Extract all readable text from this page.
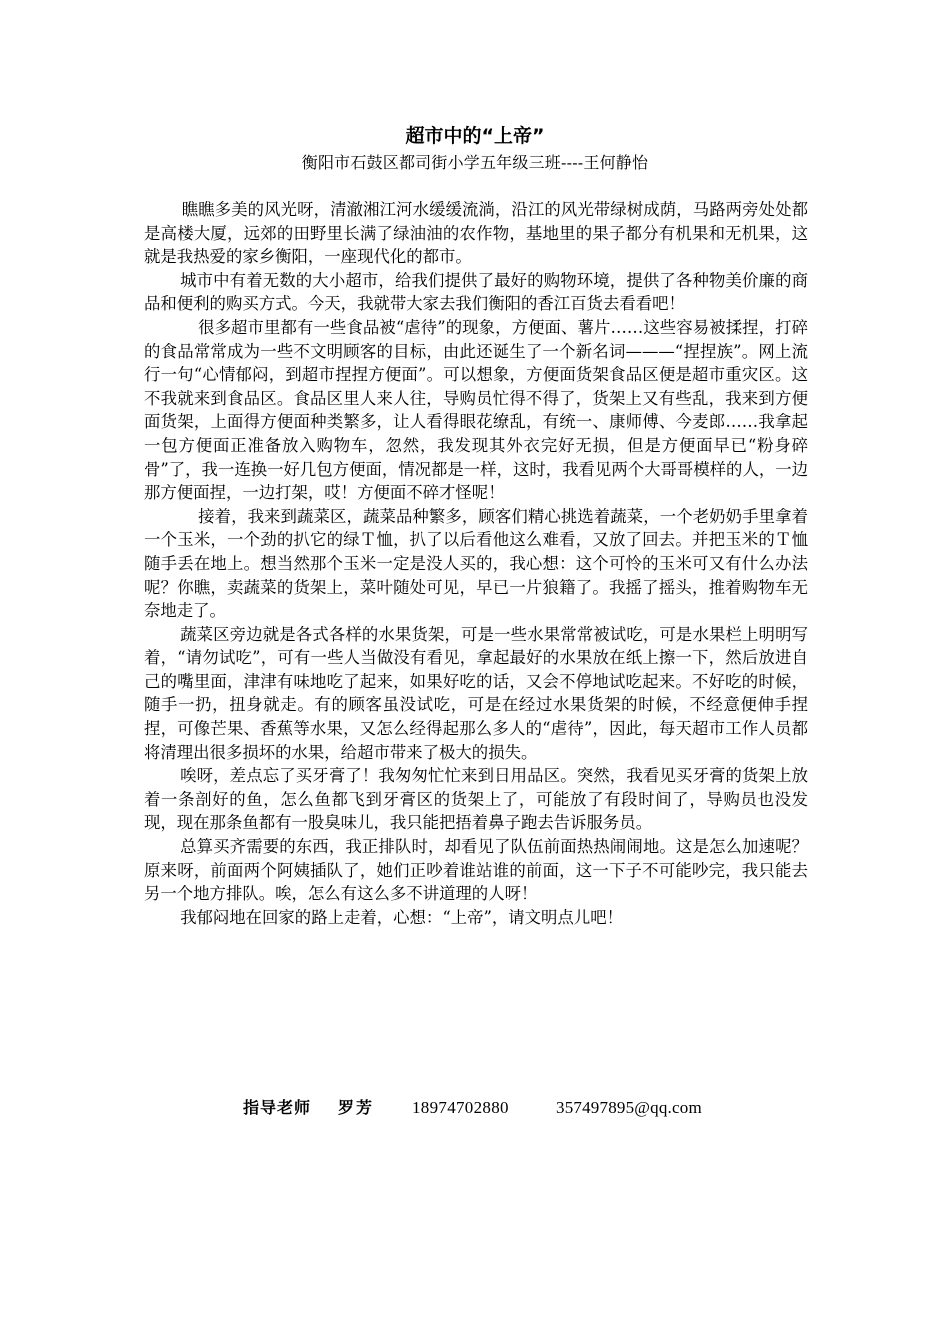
超市中的“上帝”
衡阳市石鼓区都司街小学五年级三班----王何静怡

瞧瞧多美的风光呀，清澈湘江河水缓缓流淌，沿江的风光带绿树成荫，马路两旁处处都是高楼大厦，远郊的田野里长满了绿油油的农作物，基地里的果子都分有机果和无机果，这就是我热爱的家乡衡阳，一座现代化的都市。

城市中有着无数的大小超市，给我们提供了最好的购物环境，提供了各种物美价廉的商品和便利的购买方式。今天，我就带大家去我们衡阳的香江百货去看看吧！

很多超市里都有一些食品被“虐待”的现象，方便面、薯片……这些容易被揉捏，打碎的食品常常成为一些不文明顾客的目标，由此还诞生了一个新名词———“捏捏族”。网上流行一句“心情郁闷，到超市捏捏方便面”。可以想象，方便面货架食品区便是超市重灾区。这不我就来到食品区。食品区里人来人往，导购员忙得不得了，货架上又有些乱，我来到方便面货架，上面得方便面种类繁多，让人看得眼花缭乱，有统一、康师傅、今麦郎……我拿起一包方便面正准备放入购物车，忽然，我发现其外衣完好无损，但是方便面早已“粉身碎骨”了，我一连换一好几包方便面，情况都是一样，这时，我看见两个大哥哥模样的人，一边那方便面捏，一边打架，哎！方便面不碎才怪呢！

接着，我来到蔬菜区，蔬菜品种繁多，顾客们精心挑选着蔬菜，一个老奶奶手里拿着一个玉米，一个劲的扒它的绿Ｔ恤，扒了以后看他这么难看，又放了回去。并把玉米的Ｔ恤随手丢在地上。想当然那个玉米一定是没人买的，我心想：这个可怜的玉米可又有什么办法呢？你瞧，卖蔬菜的货架上，菜叶随处可见，早已一片狼籍了。我摇了摇头，推着购物车无奈地走了。

蔬菜区旁边就是各式各样的水果货架，可是一些水果常常被试吃，可是水果栏上明明写着，“请勿试吃”，可有一些人当做没有看见，拿起最好的水果放在纸上擦一下，然后放进自己的嘴里面，津津有味地吃了起来，如果好吃的话，又会不停地试吃起来。不好吃的时候，随手一扔，扭身就走。有的顾客虽没试吃，可是在经过水果货架的时候，不经意便伸手捏捏，可像芒果、香蕉等水果，又怎么经得起那么多人的“虐待”，因此，每天超市工作人员都将清理出很多损坏的水果，给超市带来了极大的损失。

唉呀，差点忘了买牙膏了！我匆匆忙忙来到日用品区。突然，我看见买牙膏的货架上放着一条剖好的鱼，怎么鱼都飞到牙膏区的货架上了，可能放了有段时间了，导购员也没发现，现在那条鱼都有一股臭味儿，我只能把捂着鼻子跑去告诉服务员。

总算买齐需要的东西，我正排队时，却看见了队伍前面热热闹闹地。这是怎么加速呢？原来呀，前面两个阿姨插队了，她们正吵着谁站谁的前面，这一下子不可能吵完，我只能去另一个地方排队。唉，怎么有这么多不讲道理的人呀！

我郁闷地在回家的路上走着，心想：“上帝”，请文明点儿吧！

指导老师 罗芳 18974702880	357497895@qq.com
